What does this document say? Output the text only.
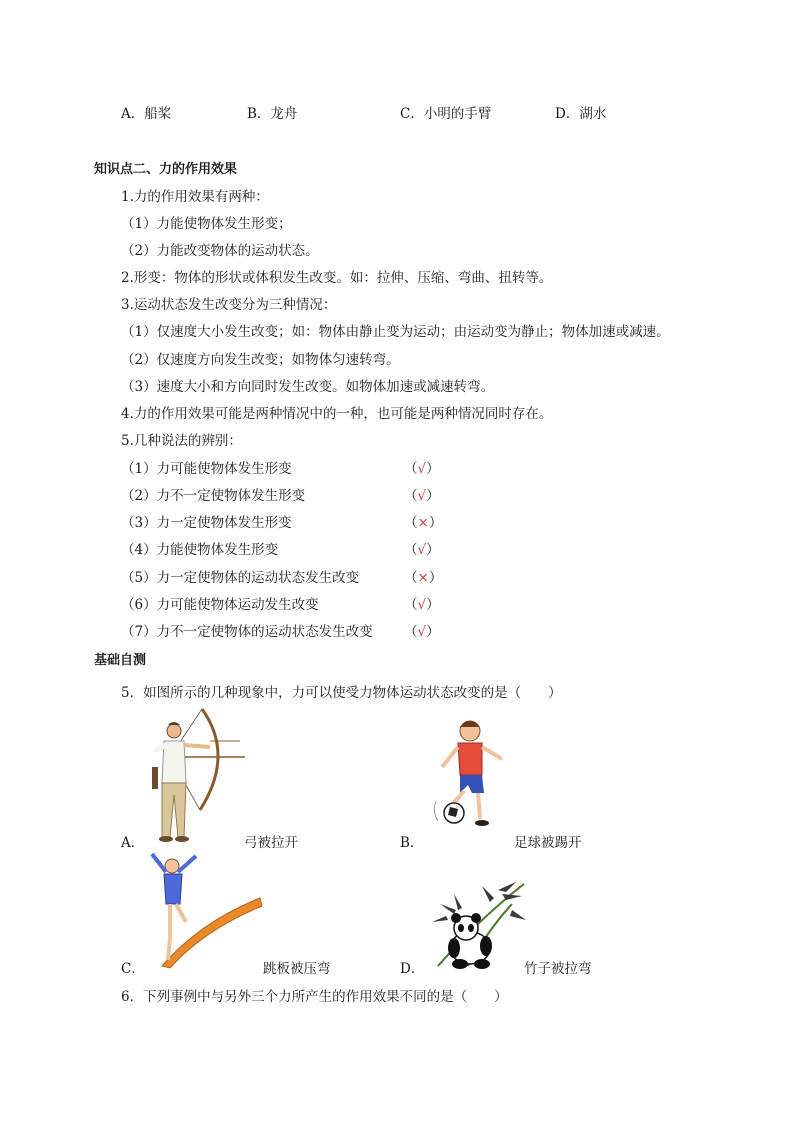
A．船桨	B．龙舟	C．小明的手臂	D．湖水
知识点二、力的作用效果
1.力的作用效果有两种：
（1）力能使物体发生形变；
（2）力能改变物体的运动状态。
2.形变：物体的形状或体积发生改变。如：拉伸、压缩、弯曲、扭转等。
3.运动状态发生改变分为三种情况：
（1）仅速度大小发生改变；如：物体由静止变为运动；由运动变为静止；物体加速或减速。
（2）仅速度方向发生改变；如物体匀速转弯。
（3）速度大小和方向同时发生改变。如物体加速或减速转弯。
4.力的作用效果可能是两种情况中的一种，也可能是两种情况同时存在。
5.几种说法的辨别：
（1）力可能使物体发生形变	（√）
（2）力不一定使物体发生形变	（√）
（3）力一定使物体发生形变	（×）
（4）力能使物体发生形变	（√）
（5）力一定使物体的运动状态发生改变	（×）
（6）力可能使物体运动发生改变	（√）
（7）力不一定使物体的运动状态发生改变 （√）
基础自测
5．如图所示的几种现象中，力可以使受力物体运动状态改变的是（　　）
A．	弓被拉开	B．	足球被踢开
C．	跳板被压弯	D．	竹子被拉弯
6．下列事例中与另外三个力所产生的作用效果不同的是（　　）
